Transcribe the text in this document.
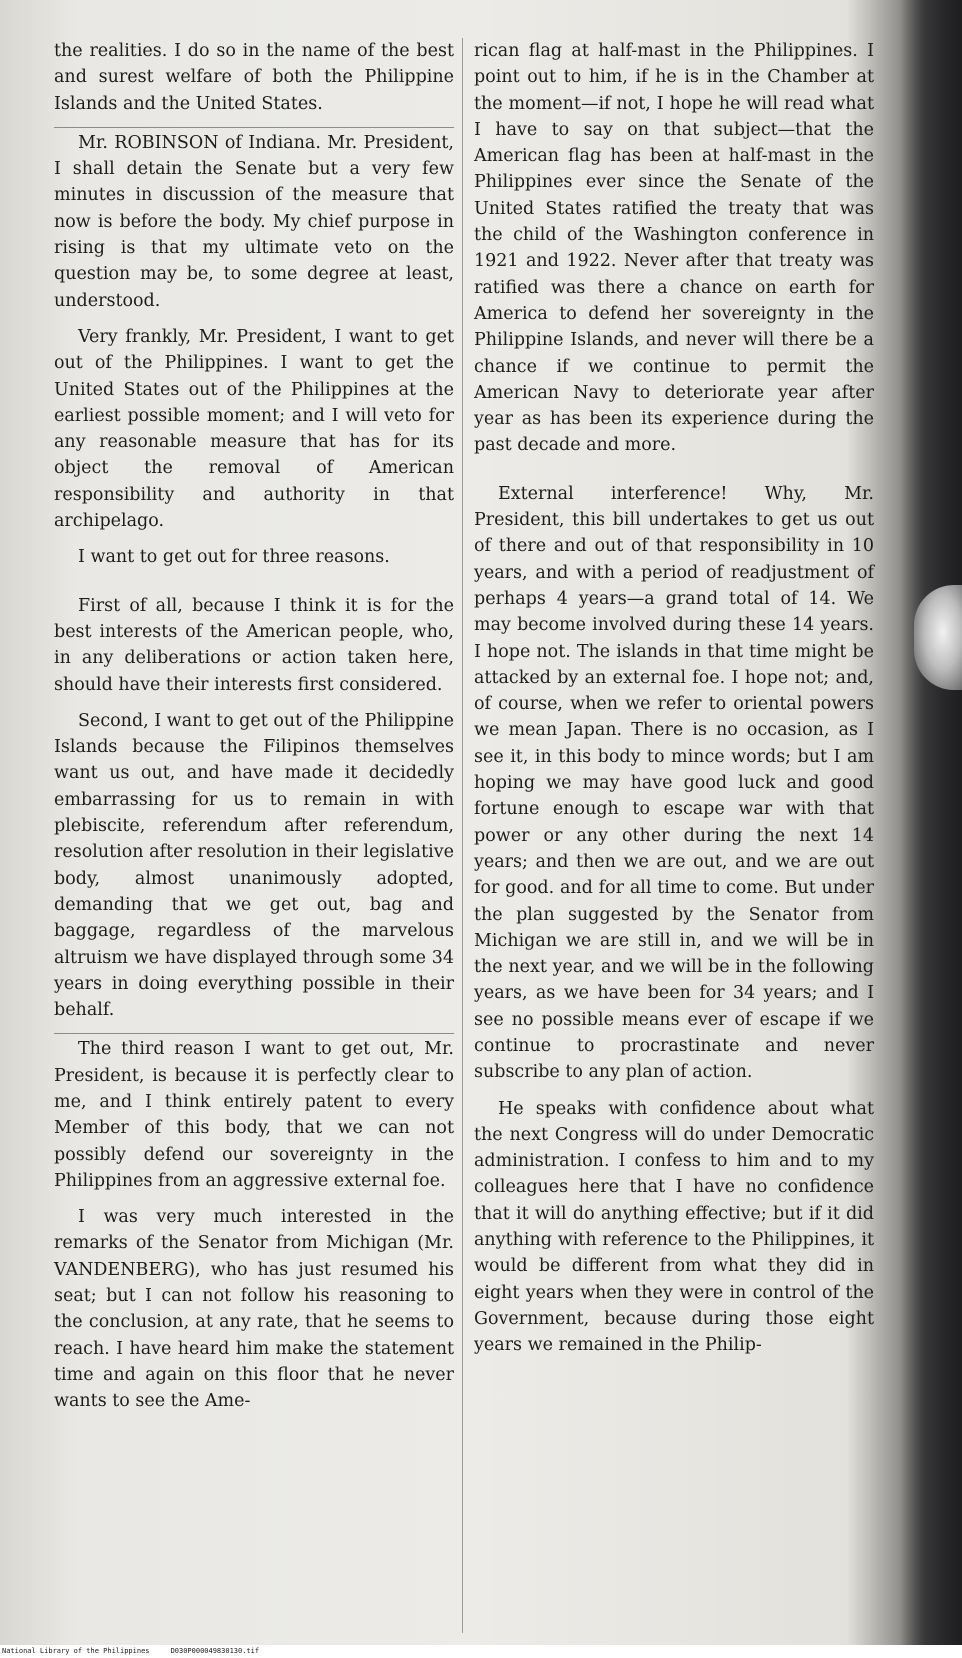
the realities. I do so in the name of the best and surest welfare of both the Philippine Islands and the United States.

Mr. ROBINSON of Indiana. Mr. President, I shall detain the Senate but a very few minutes in discussion of the measure that now is before the body. My chief purpose in rising is that my ultimate veto on the question may be, to some degree at least, understood.

Very frankly, Mr. President, I want to get out of the Philippines. I want to get the United States out of the Philippines at the earliest possible moment; and I will veto for any reasonable measure that has for its object the removal of American responsibility and authority in that archipelago.

I want to get out for three reasons.

First of all, because I think it is for the best interests of the American people, who, in any deliberations or action taken here, should have their interests first considered.

Second, I want to get out of the Philippine Islands because the Filipinos themselves want us out, and have made it decidedly embarrassing for us to remain in with plebiscite, referendum after referendum, resolution after resolution in their legislative body, almost unanimously adopted, demanding that we get out, bag and baggage, regardless of the marvelous altruism we have displayed through some 34 years in doing everything possible in their behalf.

The third reason I want to get out, Mr. President, is because it is perfectly clear to me, and I think entirely patent to every Member of this body, that we can not possibly defend our sovereignty in the Philippines from an aggressive external foe.

I was very much interested in the remarks of the Senator from Michigan (Mr. VANDENBERG), who has just resumed his seat; but I can not follow his reasoning to the conclusion, at any rate, that he seems to reach. I have heard him make the statement time and again on this floor that he never wants to see the Ame-

rican flag at half-mast in the Philippines. I point out to him, if he is in the Chamber at the moment—if not, I hope he will read what I have to say on that subject—that the American flag has been at half-mast in the Philippines ever since the Senate of the United States ratified the treaty that was the child of the Washington conference in 1921 and 1922. Never after that treaty was ratified was there a chance on earth for America to defend her sovereignty in the Philippine Islands, and never will there be a chance if we continue to permit the American Navy to deteriorate year after year as has been its experience during the past decade and more.

External interference! Why, Mr. President, this bill undertakes to get us out of there and out of that responsibility in 10 years, and with a period of readjustment of perhaps 4 years—a grand total of 14. We may become involved during these 14 years. I hope not. The islands in that time might be attacked by an external foe. I hope not; and, of course, when we refer to oriental powers we mean Japan. There is no occasion, as I see it, in this body to mince words; but I am hoping we may have good luck and good fortune enough to escape war with that power or any other during the next 14 years; and then we are out, and we are out for good. and for all time to come. But under the plan suggested by the Senator from Michigan we are still in, and we will be in the next year, and we will be in the following years, as we have been for 34 years; and I see no possible means ever of escape if we continue to procrastinate and never subscribe to any plan of action.

He speaks with confidence about what the next Congress will do under Democratic administration. I confess to him and to my colleagues here that I have no confidence that it will do anything effective; but if it did anything with reference to the Philippines, it would be different from what they did in eight years when they were in control of the Government, because during those eight years we remained in the Philip-

National Library of the Philippines     D030P000049830130.tif
